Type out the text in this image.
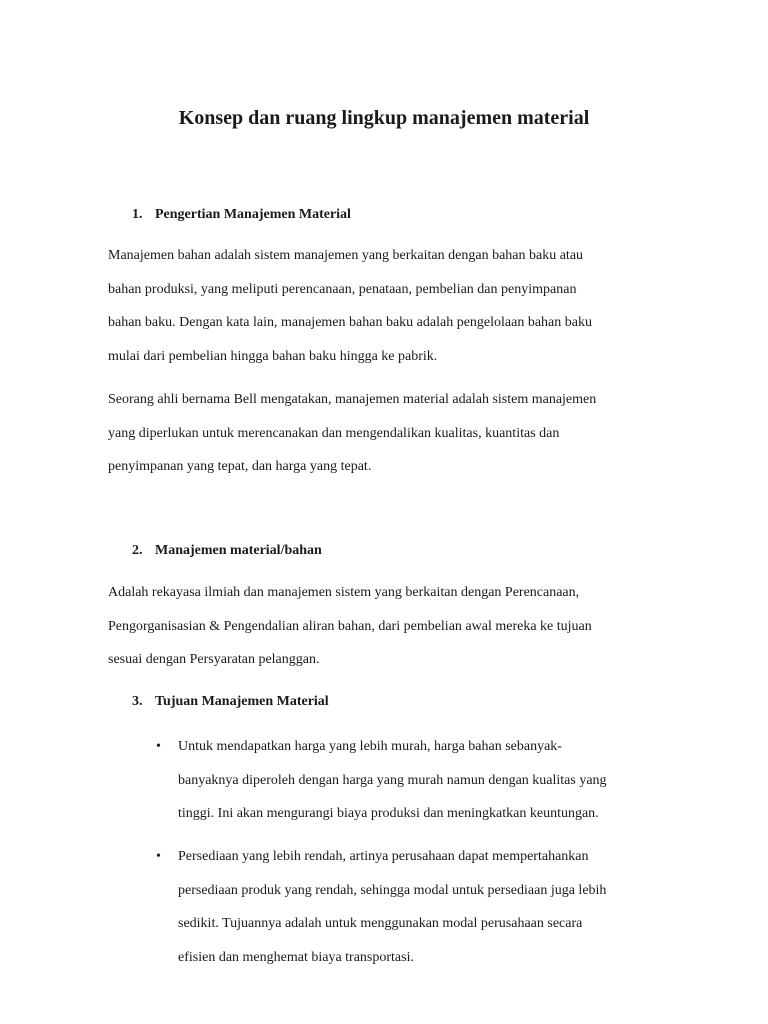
Konsep dan ruang lingkup manajemen material
1. Pengertian Manajemen Material
Manajemen bahan adalah sistem manajemen yang berkaitan dengan bahan baku atau
bahan produksi, yang meliputi perencanaan, penataan, pembelian dan penyimpanan
bahan baku. Dengan kata lain, manajemen bahan baku adalah pengelolaan bahan baku
mulai dari pembelian hingga bahan baku hingga ke pabrik.
Seorang ahli bernama Bell mengatakan, manajemen material adalah sistem manajemen
yang diperlukan untuk merencanakan dan mengendalikan kualitas, kuantitas dan
penyimpanan yang tepat, dan harga yang tepat.
2. Manajemen material/bahan
Adalah rekayasa ilmiah dan manajemen sistem yang berkaitan dengan Perencanaan,
Pengorganisasian & Pengendalian aliran bahan, dari pembelian awal mereka ke tujuan
sesuai dengan Persyaratan pelanggan.
3. Tujuan Manajemen Material
• Untuk mendapatkan harga yang lebih murah, harga bahan sebanyak-
banyaknya diperoleh dengan harga yang murah namun dengan kualitas yang
tinggi. Ini akan mengurangi biaya produksi dan meningkatkan keuntungan.
• Persediaan yang lebih rendah, artinya perusahaan dapat mempertahankan
persediaan produk yang rendah, sehingga modal untuk persediaan juga lebih
sedikit. Tujuannya adalah untuk menggunakan modal perusahaan secara
efisien dan menghemat biaya transportasi.
